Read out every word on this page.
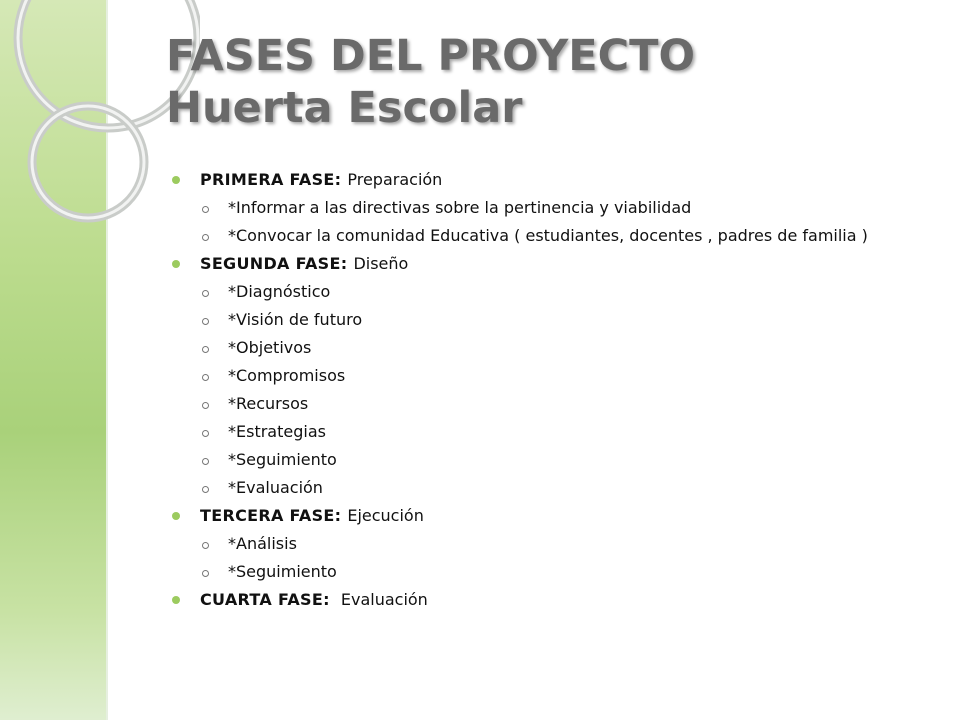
FASES DEL PROYECTO
Huerta Escolar
PRIMERA FASE: Preparación
*Informar a las directivas sobre la pertinencia y viabilidad
*Convocar la comunidad Educativa ( estudiantes, docentes , padres de familia )
SEGUNDA FASE: Diseño
*Diagnóstico
*Visión de futuro
*Objetivos
*Compromisos
*Recursos
*Estrategias
*Seguimiento
*Evaluación
TERCERA FASE: Ejecución
*Análisis
*Seguimiento
CUARTA FASE: Evaluación
